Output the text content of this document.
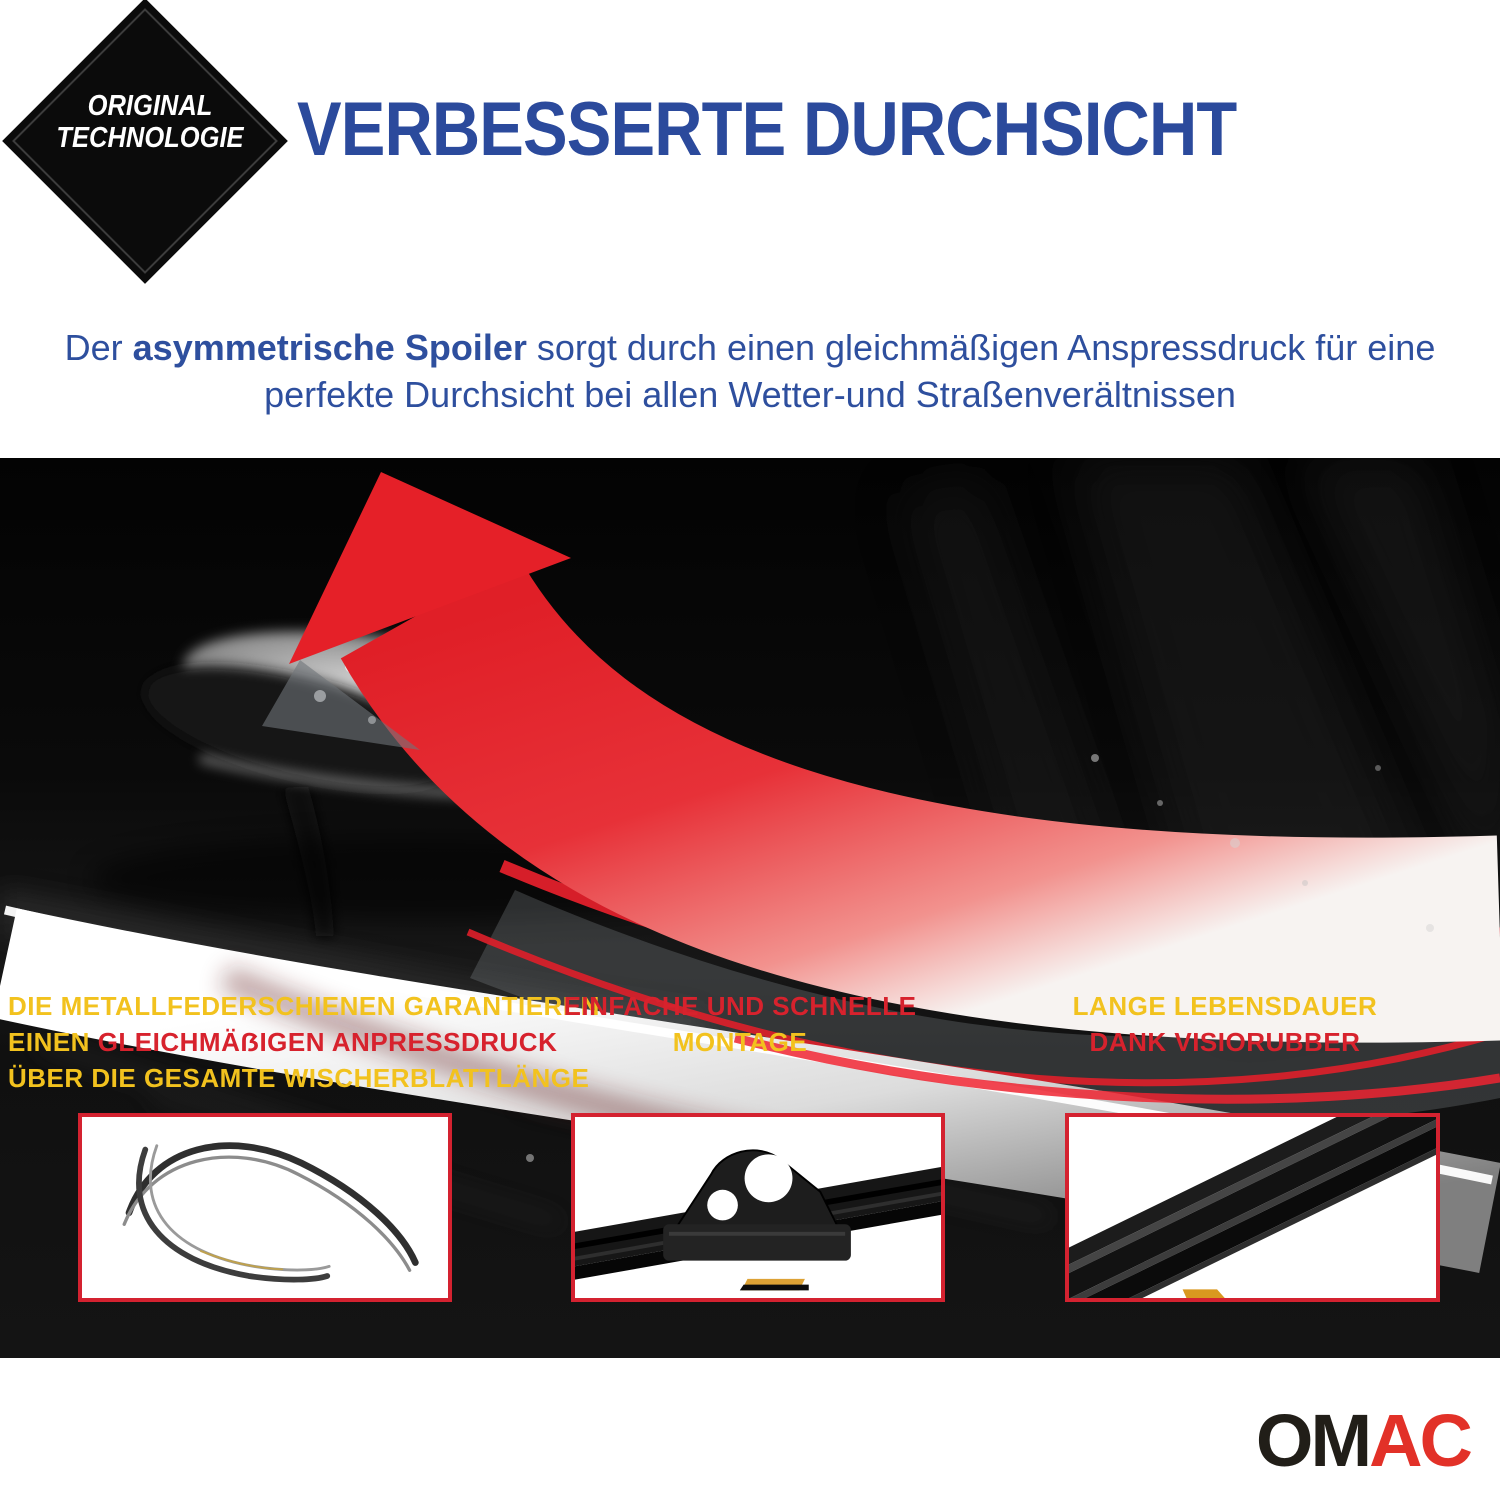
ORIGINAL
TECHNOLOGIE VERBESSERTE DURCHSICHT
Der asymmetrische Spoiler sorgt durch einen gleichmäßigen Anspressdruck für eine
perfekte Durchsicht bei allen Wetter-und Straßenverältnissen
DIE METALLFEDERSCHIENEN GARANTIEREN
EINEN GLEICHMÄẞIGEN ANPRESSDRUCK
ÜBER DIE GESAMTE WISCHERBLATTLÄNGE
EINFACHE UND SCHNELLE
MONTAGE
LANGE LEBENSDAUER
DANK VISIORUBBER
OMAC
